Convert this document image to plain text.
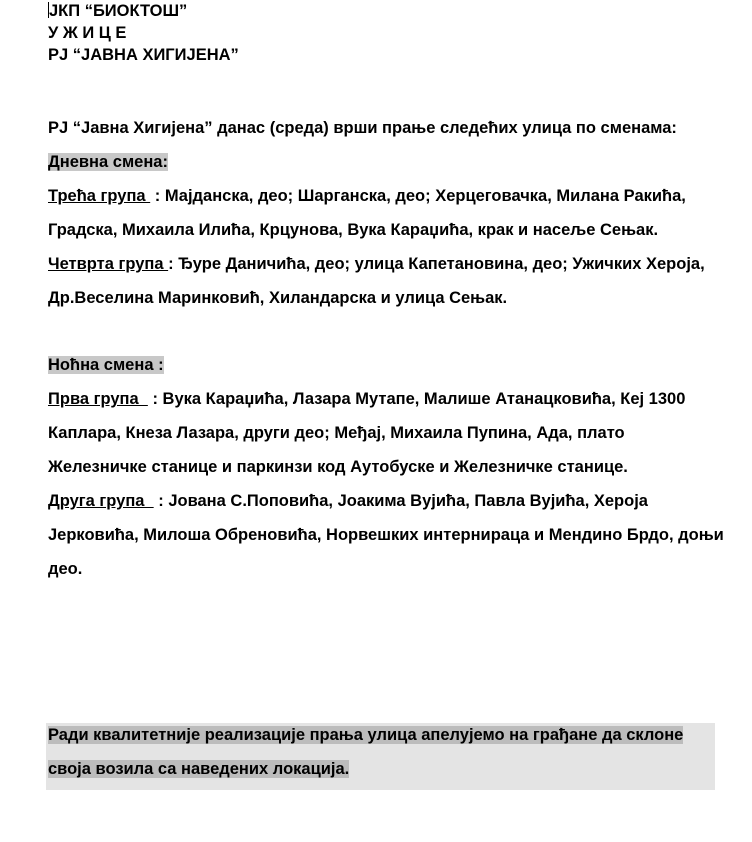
ЈКП “БИОКТОШ”
У Ж И Ц Е
РЈ “ЈАВНА ХИГИЈЕНА”
РЈ “Јавна Хигијена” данас (среда) врши прање следећих улица по сменама:
Дневна смена:
Трећа група  : Мајданска, део; Шарганска, део; Херцеговачка, Милана Ракића, Градска, Михаила Илића, Крцунова, Вука Караџића, крак и насеље Сењак.
Четврта група : Ђуре Даничића, део; улица Капетановина, део; Ужичких Хероја, Др.Веселина Маринковић, Хиландарска и улица Сењак.
Ноћна смена :
Прва група   : Вука Караџића, Лазара Мутапе, Малише Атанацковића, Кеј 1300 Каплара, Кнеза Лазара, други део; Међај, Михаила Пупина, Ада, плато Железничке станице и паркинзи код Аутобуске и Железничке станице.
Друга група   : Јована С.Поповића, Јоакима Вујића, Павла Вујића, Хероја Јерковића, Милоша Обреновића, Норвешких интернираца и Мендино Брдо, доњи део.
Ради квалитетније реализације прања улица апелујемо на грађане да склоне своја возила са наведених локација.
